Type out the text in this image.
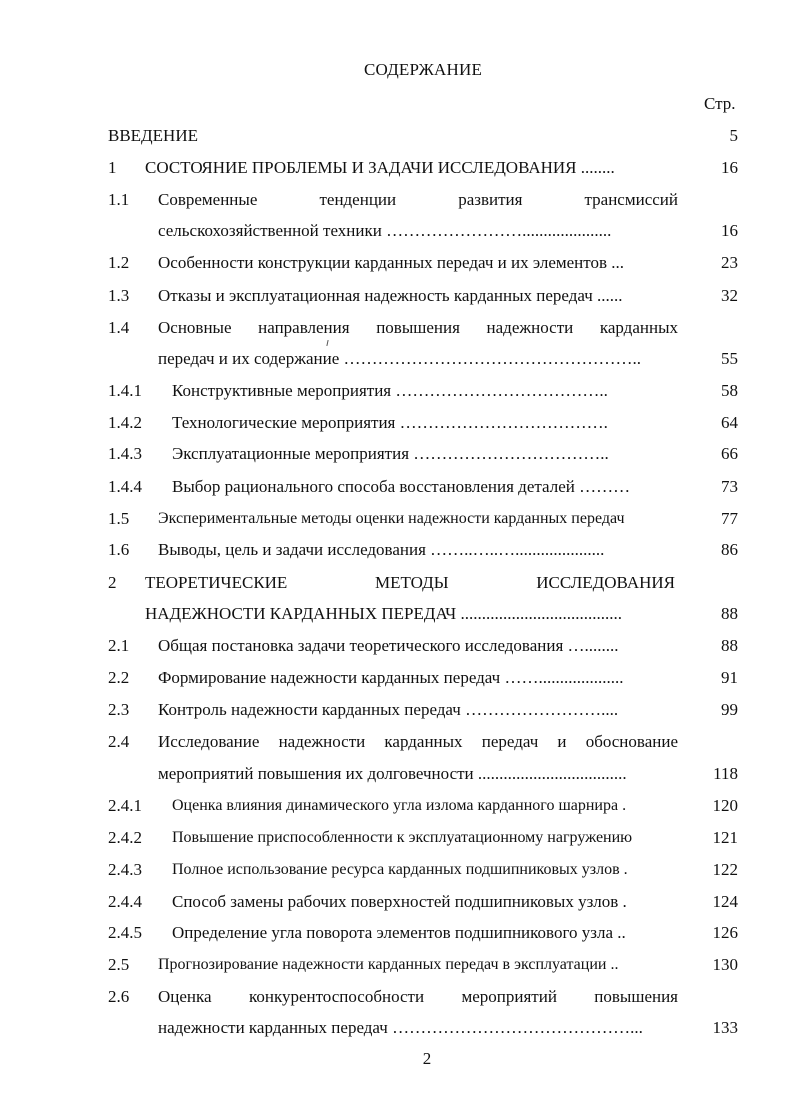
СОДЕРЖАНИЕ
Стр.
ВВЕДЕНИЕ	5
1 СОСТОЯНИЕ ПРОБЛЕМЫ И ЗАДАЧИ ИССЛЕДОВАНИЯ ........	16
1.1 Современные тенденции развития трансмиссий
сельскохозяйственной техники …………………….....................	16
1.2 Особенности конструкции карданных передач и их элементов ...	23
1.3 Отказы и эксплуатационная надежность карданных передач ......	32
1.4 Основные направления повышения надежности карданных
передач и их содержание ……………………………………………..	55
1.4.1 Конструктивные мероприятия ………………………………..	58
1.4.2 Технологические мероприятия ……………………………….	64
1.4.3 Эксплуатационные мероприятия ……………………………..	66
1.4.4 Выбор рационального способа восстановления деталей ………	73
1.5 Экспериментальные методы оценки надежности карданных передач	77
1.6 Выводы, цель и задачи исследования ……..…..….....................	86
2 ТЕОРЕТИЧЕСКИЕ МЕТОДЫ ИССЛЕДОВАНИЯ
НАДЕЖНОСТИ КАРДАННЫХ ПЕРЕДАЧ ......................................	88
2.1 Общая постановка задачи теоретического исследования …........	88
2.2 Формирование надежности карданных передач ……....................	91
2.3 Контроль надежности карданных передач ……………………....	99
2.4 Исследование надежности карданных передач и обоснование
мероприятий повышения их долговечности ...................................	118
2.4.1 Оценка влияния динамического угла излома карданного шарнира .	120
2.4.2 Повышение приспособленности к эксплуатационному нагружению	121
2.4.3 Полное использование ресурса карданных подшипниковых узлов .	122
2.4.4 Способ замены рабочих поверхностей подшипниковых узлов .	124
2.4.5 Определение угла поворота элементов подшипникового узла ..	126
2.5 Прогнозирование надежности карданных передач в эксплуатации ..	130
2.6 Оценка конкурентоспособности мероприятий повышения
надежности карданных передач ……………………………………...	133
2
